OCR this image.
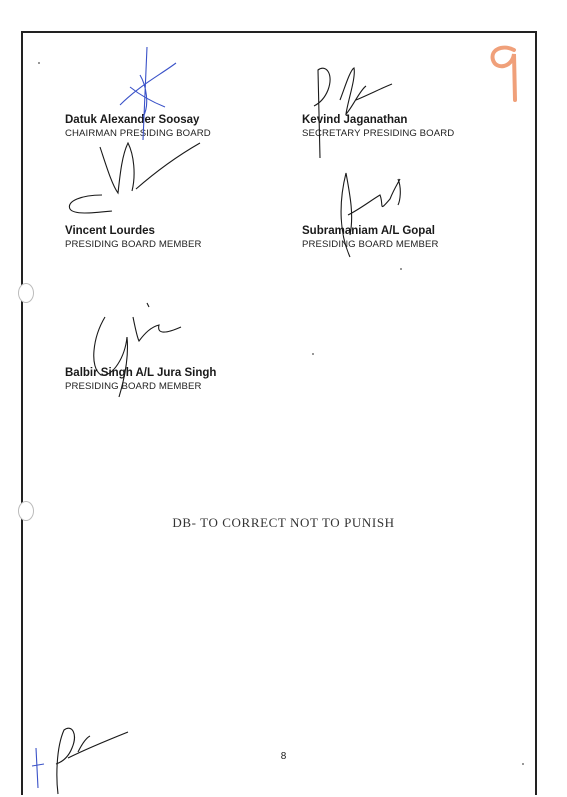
Datuk Alexander Soosay
CHAIRMAN PRESIDING BOARD
Kevind Jaganathan
SECRETARY PRESIDING BOARD
Vincent Lourdes
PRESIDING BOARD MEMBER
Subramaniam A/L Gopal
PRESIDING BOARD MEMBER
Balbir Singh A/L Jura Singh
PRESIDING BOARD MEMBER
DB- TO CORRECT NOT TO PUNISH
8
